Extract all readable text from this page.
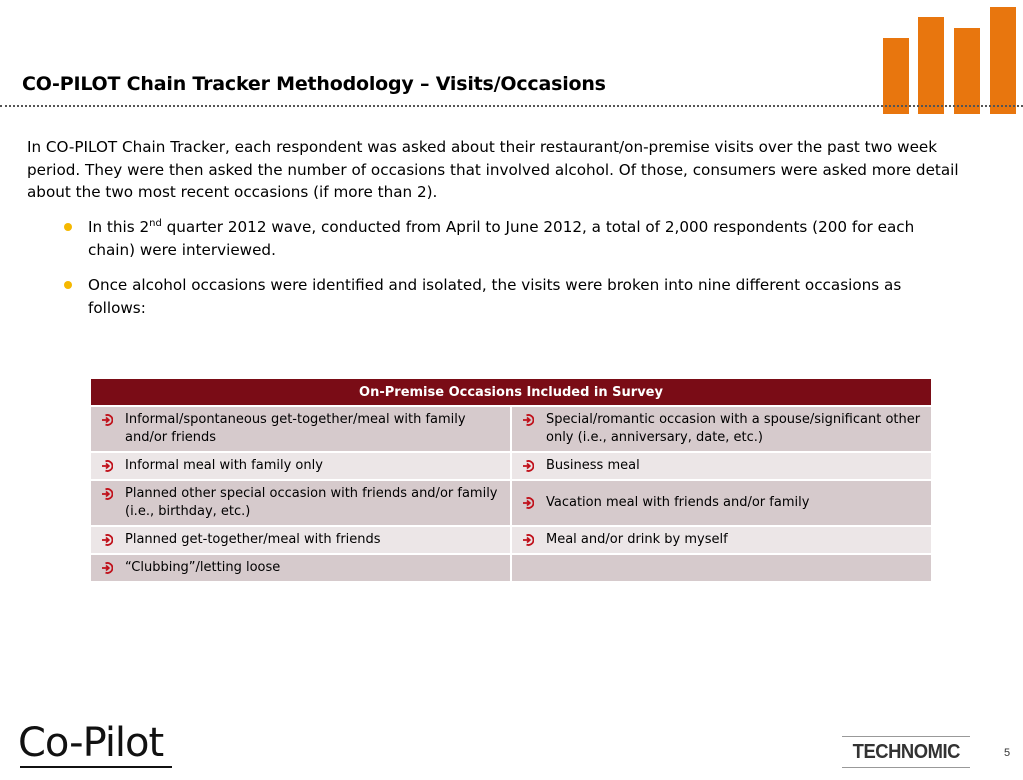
CO-PILOT Chain Tracker Methodology – Visits/Occasions
In CO-PILOT Chain Tracker, each respondent was asked about their restaurant/on-premise visits over the past two week period. They were then asked the number of occasions that involved alcohol. Of those, consumers were asked more detail about the two most recent occasions (if more than 2).
In this 2nd quarter 2012 wave, conducted from April to June 2012, a total of 2,000 respondents (200 for each chain) were interviewed.
Once alcohol occasions were identified and isolated, the visits were broken into nine different occasions as follows:
On-Premise Occasions Included in Survey	

Informal/spontaneous get-together/meal with family and/or friends	Special/romantic occasion with a spouse/significant other only (i.e., anniversary, date, etc.)

Informal meal with family only	Business meal

Planned other special occasion with friends and/or family (i.e., birthday, etc.)	Vacation meal with friends and/or family

Planned get-together/meal with friends	Meal and/or drink by myself

“Clubbing”/letting loose	

Co-Pilot	TECHNOMIC	5
